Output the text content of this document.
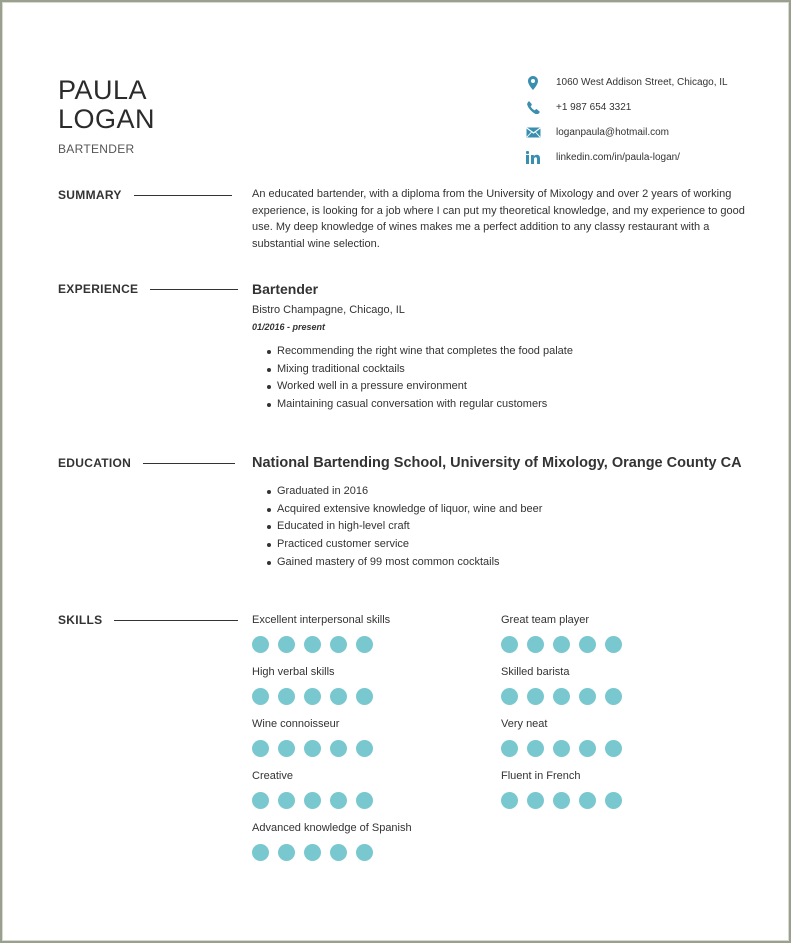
PAULA
LOGAN
BARTENDER
1060 West Addison Street, Chicago, IL
+1 987 654 3321
loganpaula@hotmail.com
linkedin.com/in/paula-logan/
SUMMARY	An educated bartender, with a diploma from the University of Mixology and over 2 years of working experience, is looking for a job where I can put my theoretical knowledge, and my experience to good use. My deep knowledge of wines makes me a perfect addition to any classy restaurant with a substantial wine selection.

EXPERIENCE	Bartender

Bistro Champagne, Chicago, IL
01/2016 - present
Recommending the right wine that completes the food palate
Mixing traditional cocktails
Worked well in a pressure environment
Maintaining casual conversation with regular customers
EDUCATION	National Bartending School, University of Mixology, Orange County CA

Graduated in 2016
Acquired extensive knowledge of liquor, wine and beer
Educated in high-level craft
Practiced customer service
Gained mastery of 99 most common cocktails
SKILLS	Excellent interpersonal skills	Great team player
High verbal skills	Skilled barista
Wine connoisseur	Very neat
Creative	Fluent in French
Advanced knowledge of Spanish
